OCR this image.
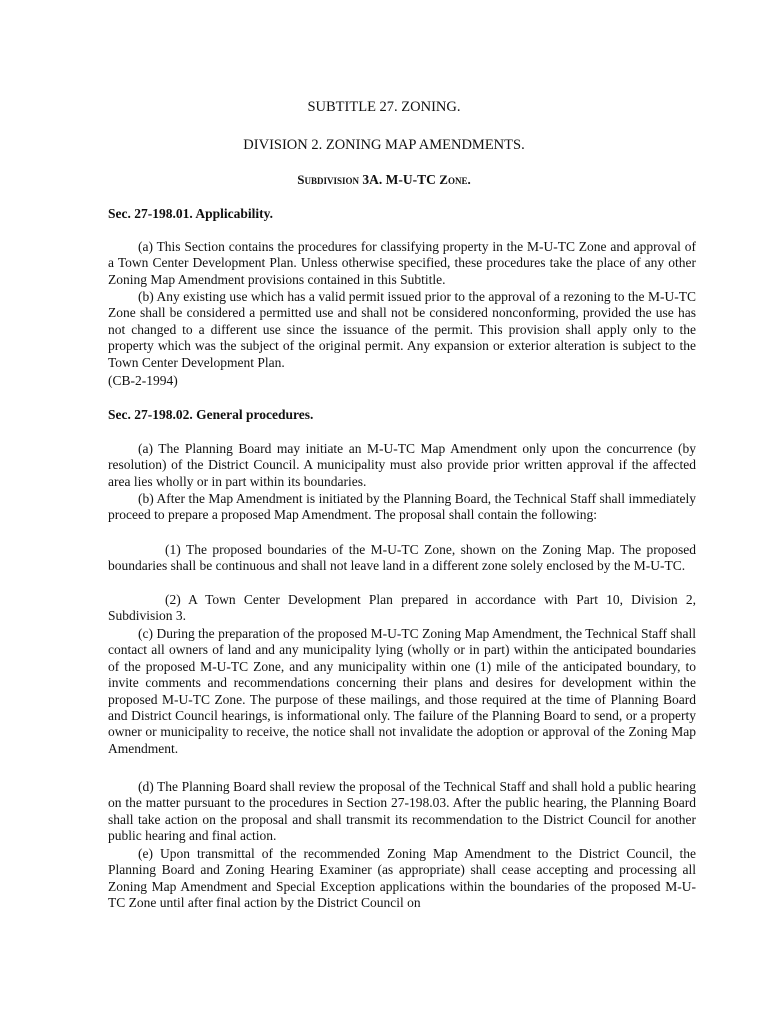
SUBTITLE 27. ZONING.
DIVISION 2. ZONING MAP AMENDMENTS.
Subdivision 3A. M-U-TC Zone.
Sec. 27-198.01. Applicability.
(a) This Section contains the procedures for classifying property in the M-U-TC Zone and approval of a Town Center Development Plan. Unless otherwise specified, these procedures take the place of any other Zoning Map Amendment provisions contained in this Subtitle.
(b) Any existing use which has a valid permit issued prior to the approval of a rezoning to the M-U-TC Zone shall be considered a permitted use and shall not be considered nonconforming, provided the use has not changed to a different use since the issuance of the permit. This provision shall apply only to the property which was the subject of the original permit. Any expansion or exterior alteration is subject to the Town Center Development Plan.
(CB-2-1994)
Sec. 27-198.02. General procedures.
(a) The Planning Board may initiate an M-U-TC Map Amendment only upon the concurrence (by resolution) of the District Council. A municipality must also provide prior written approval if the affected area lies wholly or in part within its boundaries.
(b) After the Map Amendment is initiated by the Planning Board, the Technical Staff shall immediately proceed to prepare a proposed Map Amendment. The proposal shall contain the following:
(1) The proposed boundaries of the M-U-TC Zone, shown on the Zoning Map. The proposed boundaries shall be continuous and shall not leave land in a different zone solely enclosed by the M-U-TC.
(2) A Town Center Development Plan prepared in accordance with Part 10, Division 2, Subdivision 3.
(c) During the preparation of the proposed M-U-TC Zoning Map Amendment, the Technical Staff shall contact all owners of land and any municipality lying (wholly or in part) within the anticipated boundaries of the proposed M-U-TC Zone, and any municipality within one (1) mile of the anticipated boundary, to invite comments and recommendations concerning their plans and desires for development within the proposed M-U-TC Zone. The purpose of these mailings, and those required at the time of Planning Board and District Council hearings, is informational only. The failure of the Planning Board to send, or a property owner or municipality to receive, the notice shall not invalidate the adoption or approval of the Zoning Map Amendment.
(d) The Planning Board shall review the proposal of the Technical Staff and shall hold a public hearing on the matter pursuant to the procedures in Section 27-198.03. After the public hearing, the Planning Board shall take action on the proposal and shall transmit its recommendation to the District Council for another public hearing and final action.
(e) Upon transmittal of the recommended Zoning Map Amendment to the District Council, the Planning Board and Zoning Hearing Examiner (as appropriate) shall cease accepting and processing all Zoning Map Amendment and Special Exception applications within the boundaries of the proposed M-U-TC Zone until after final action by the District Council on
